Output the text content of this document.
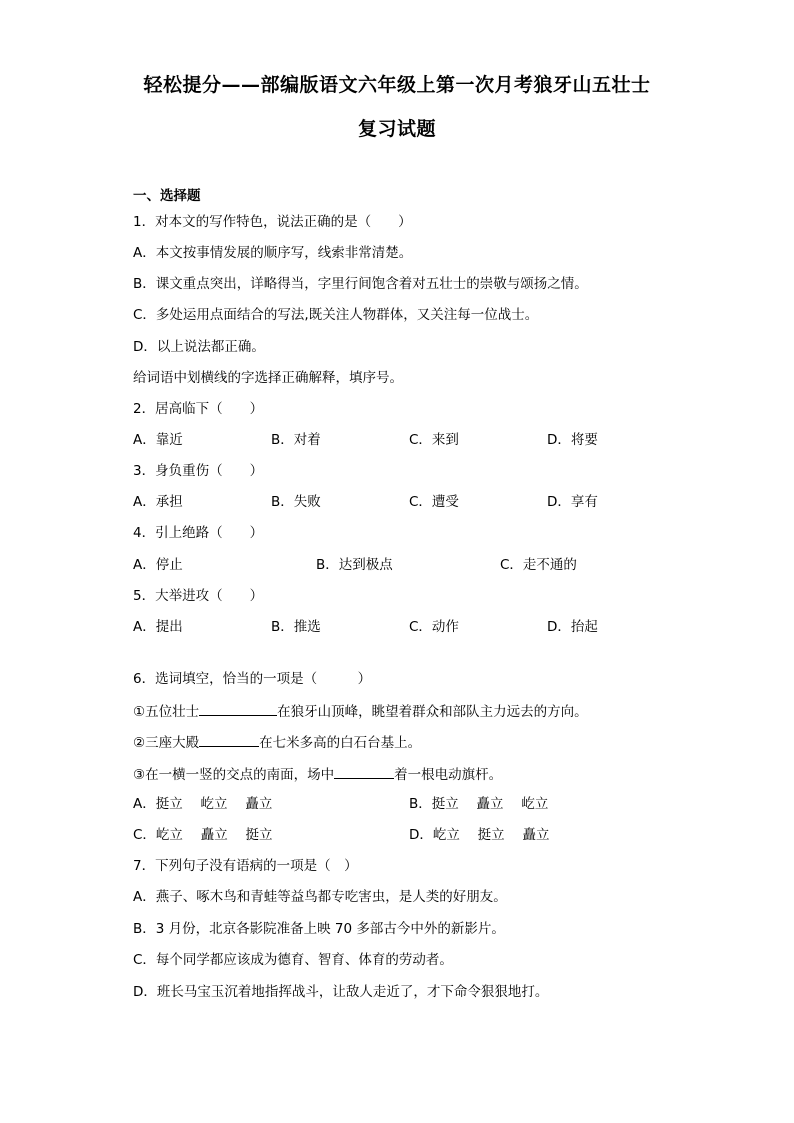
轻松提分——部编版语文六年级上第一次月考狼牙山五壮士
复习试题
一、选择题
1．对本文的写作特色，说法正确的是（　　）
A．本文按事情发展的顺序写，线索非常清楚。
B．课文重点突出，详略得当，字里行间饱含着对五壮士的崇敬与颂扬之情。
C．多处运用点面结合的写法,既关注人物群体，又关注每一位战士。
D．以上说法都正确。
给词语中划横线的字选择正确解释，填序号。
2．居高临下（　　）
A．靠近	B．对着	C．来到	D．将要
3．身负重伤（　　）
A．承担	B．失败	C．遭受	D．享有
4．引上绝路（　　）
A．停止	B．达到极点	C．走不通的
5．大举进攻（　　）
A．提出	B．推选	C．动作	D．抬起
6．选词填空，恰当的一项是（　　　）
①五位壮士	在狼牙山顶峰，眺望着群众和部队主力远去的方向。
②三座大殿	在七米多高的白石台基上。
③在一横一竖的交点的南面，场中	着一根电动旗杆。
A．挺立　 屹立　 矗立	B．挺立　 矗立　 屹立
C．屹立　 矗立　 挺立	D．屹立　 挺立　 矗立
7．下列句子没有语病的一项是（　）
A．燕子、啄木鸟和青蛙等益鸟都专吃害虫，是人类的好朋友。
B．3 月份，北京各影院准备上映 70 多部古今中外的新影片。
C．每个同学都应该成为德育、智育、体育的劳动者。
D．班长马宝玉沉着地指挥战斗，让敌人走近了，才下命令狠狠地打。
